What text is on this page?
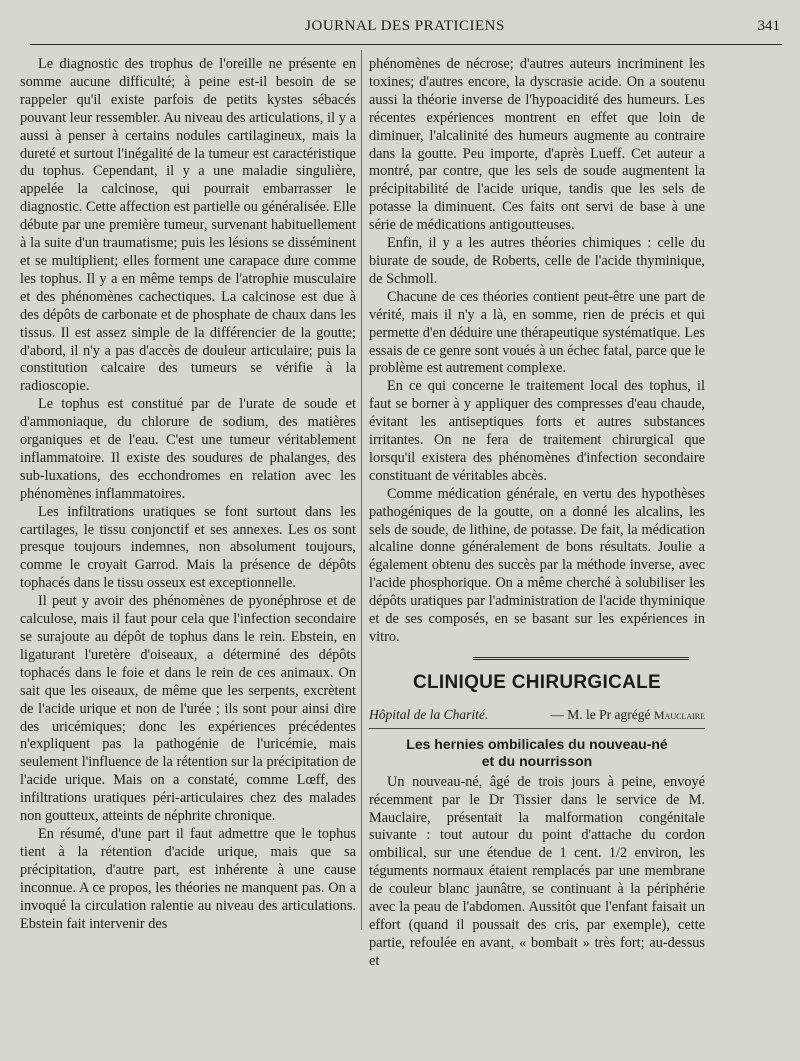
JOURNAL DES PRATICIENS	341

Le diagnostic des trophus de l'oreille ne présente en somme aucune difficulté; à peine est-il besoin de se rappeler qu'il existe parfois de petits kystes sébacés pouvant leur ressembler. Au niveau des articulations, il y a aussi à penser à certains nodules cartilagineux, mais la dureté et surtout l'inégalité de la tumeur est caractéristique du tophus. Cependant, il y a une maladie singulière, appelée la calcinose, qui pourrait embarrasser le diagnostic. Cette affection est partielle ou généralisée. Elle débute par une première tumeur, survenant habituellement à la suite d'un traumatisme; puis les lésions se disséminent et se multiplient; elles forment une carapace dure comme les tophus. Il y a en même temps de l'atrophie musculaire et des phénomènes cachectiques. La calcinose est due à des dépôts de carbonate et de phosphate de chaux dans les tissus. Il est assez simple de la différencier de la goutte; d'abord, il n'y a pas d'accès de douleur articulaire; puis la constitution calcaire des tumeurs se vérifie à la radioscopie.

Le tophus est constitué par de l'urate de soude et d'ammoniaque, du chlorure de sodium, des matières organiques et de l'eau. C'est une tumeur véritablement inflammatoire. Il existe des soudures de phalanges, des sub-luxations, des ecchondromes en relation avec les phénomènes inflammatoires.

Les infiltrations uratiques se font surtout dans les cartilages, le tissu conjonctif et ses annexes. Les os sont presque toujours indemnes, non absolument toujours, comme le croyait Garrod. Mais la présence de dépôts tophacés dans le tissu osseux est exceptionnelle.

Il peut y avoir des phénomènes de pyonéphrose et de calculose, mais il faut pour cela que l'infection secondaire se surajoute au dépôt de tophus dans le rein. Ebstein, en ligaturant l'uretère d'oiseaux, a déterminé des dépôts tophacés dans le foie et dans le rein de ces animaux. On sait que les oiseaux, de même que les serpents, excrètent de l'acide urique et non de l'urée ; ils sont pour ainsi dire des uricémiques; donc les expériences précédentes n'expliquent pas la pathogénie de l'uricémie, mais seulement l'influence de la rétention sur la précipitation de l'acide urique. Mais on a constaté, comme Lœff, des infiltrations uratiques péri-articulaires chez des malades non goutteux, atteints de néphrite chronique.

En résumé, d'une part il faut admettre que le tophus tient à la rétention d'acide urique, mais que sa précipitation, d'autre part, est inhérente à une cause inconnue. A ce propos, les théories ne manquent pas. On a invoqué la circulation ralentie au niveau des articulations. Ebstein fait intervenir des

phénomènes de nécrose; d'autres auteurs incriminent les toxines; d'autres encore, la dyscrasie acide. On a soutenu aussi la théorie inverse de l'hypoacidité des humeurs. Les récentes expériences montrent en effet que loin de diminuer, l'alcalinité des humeurs augmente au contraire dans la goutte. Peu importe, d'après Lueff. Cet auteur a montré, par contre, que les sels de soude augmentent la précipitabilité de l'acide urique, tandis que les sels de potasse la diminuent. Ces faits ont servi de base à une série de médications antigoutteuses.

Enfin, il y a les autres théories chimiques : celle du biurate de soude, de Roberts, celle de l'acide thyminique, de Schmoll.

Chacune de ces théories contient peut-être une part de vérité, mais il n'y a là, en somme, rien de précis et qui permette d'en déduire une thérapeutique systématique. Les essais de ce genre sont voués à un échec fatal, parce que le problème est autrement complexe.

En ce qui concerne le traitement local des tophus, il faut se borner à y appliquer des compresses d'eau chaude, évitant les antiseptiques forts et autres substances irritantes. On ne fera de traitement chirurgical que lorsqu'il existera des phénomènes d'infection secondaire constituant de véritables abcès.

Comme médication générale, en vertu des hypothèses pathogéniques de la goutte, on a donné les alcalins, les sels de soude, de lithine, de potasse. De fait, la médication alcaline donne généralement de bons résultats. Joulie a également obtenu des succès par la méthode inverse, avec l'acide phosphorique. On a même cherché à solubiliser les dépôts uratiques par l'administration de l'acide thyminique et de ses composés, en se basant sur les expériences in vitro.

CLINIQUE CHIRURGICALE
Hôpital de la Charité.	— M. le Pr agrégé Mauclaire
Les hernies ombilicales du nouveau-né
et du nourrisson

Un nouveau-né, âgé de trois jours à peine, envoyé récemment par le Dr Tissier dans le service de M. Mauclaire, présentait la malformation congénitale suivante : tout autour du point d'attache du cordon ombilical, sur une étendue de 1 cent. 1/2 environ, les téguments normaux étaient remplacés par une membrane de couleur blanc jaunâtre, se continuant à la périphérie avec la peau de l'abdomen. Aussitôt que l'enfant faisait un effort (quand il poussait des cris, par exemple), cette partie, refoulée en avant, « bombait » très fort; au-dessus et
